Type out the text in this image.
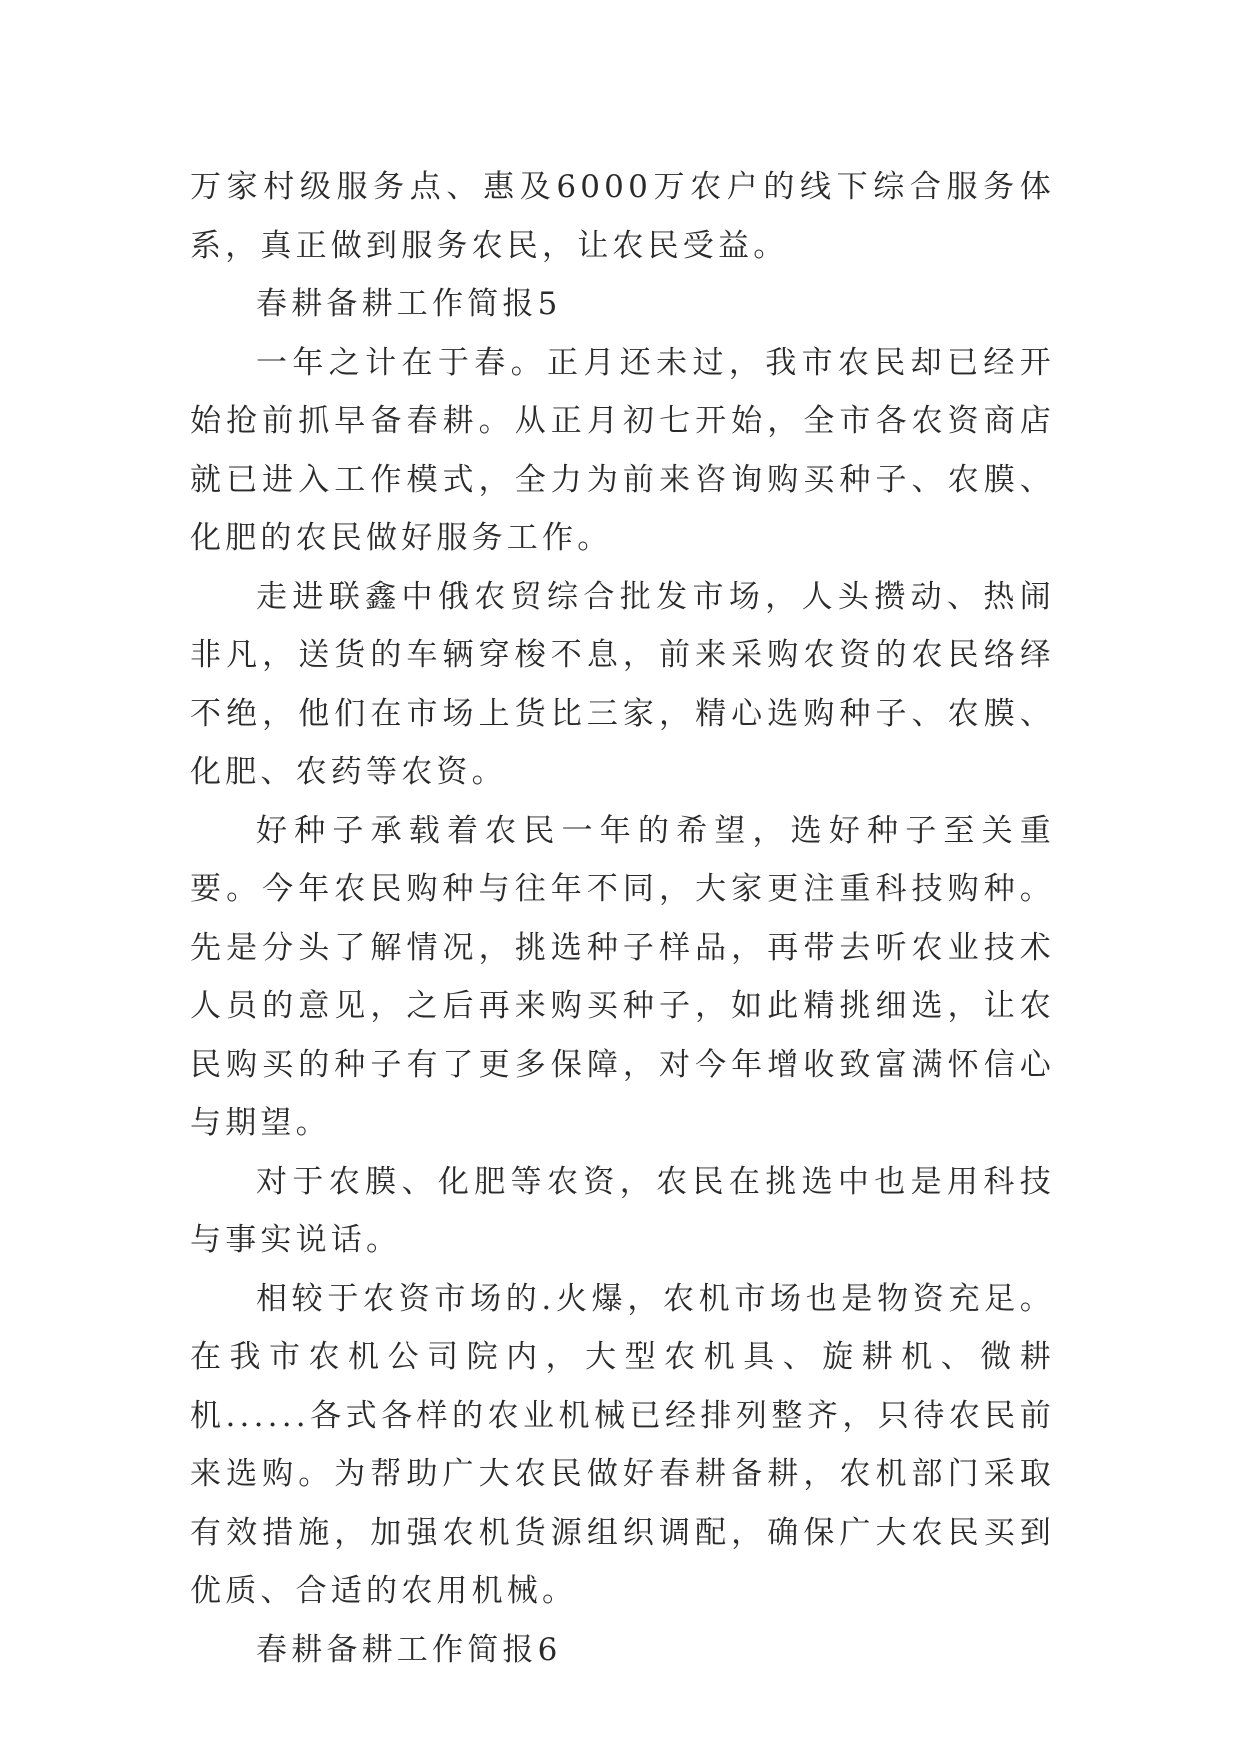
万家村级服务点、惠及6000万农户的线下综合服务体系，真正做到服务农民，让农民受益。

春耕备耕工作简报5

一年之计在于春。正月还未过，我市农民却已经开始抢前抓早备春耕。从正月初七开始，全市各农资商店就已进入工作模式，全力为前来咨询购买种子、农膜、化肥的农民做好服务工作。

走进联鑫中俄农贸综合批发市场，人头攒动、热闹非凡，送货的车辆穿梭不息，前来采购农资的农民络绎不绝，他们在市场上货比三家，精心选购种子、农膜、化肥、农药等农资。

好种子承载着农民一年的希望，选好种子至关重要。今年农民购种与往年不同，大家更注重科技购种。先是分头了解情况，挑选种子样品，再带去听农业技术人员的意见，之后再来购买种子，如此精挑细选，让农民购买的种子有了更多保障，对今年增收致富满怀信心与期望。

对于农膜、化肥等农资，农民在挑选中也是用科技与事实说话。

相较于农资市场的.火爆，农机市场也是物资充足。在我市农机公司院内，大型农机具、旋耕机、微耕机......各式各样的农业机械已经排列整齐，只待农民前来选购。为帮助广大农民做好春耕备耕，农机部门采取有效措施，加强农机货源组织调配，确保广大农民买到优质、合适的农用机械。

春耕备耕工作简报6
